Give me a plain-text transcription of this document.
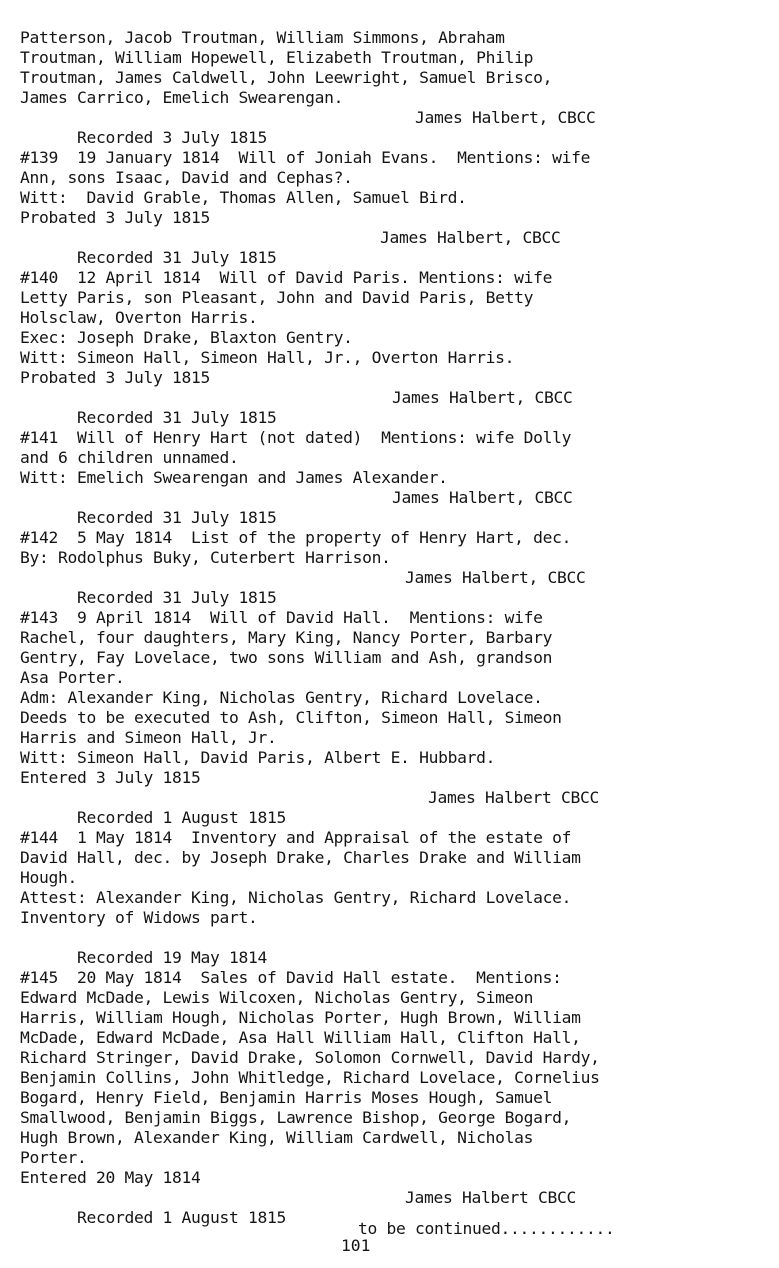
Patterson, Jacob Troutman, William Simmons, Abraham
Troutman, William Hopewell, Elizabeth Troutman, Philip
Troutman, James Caldwell, John Leewright, Samuel Brisco,
James Carrico, Emelich Swearengan.

Recorded 3 July 1815

James Halbert, CBCC

#139  19 January 1814  Will of Joniah Evans.  Mentions: wife
Ann, sons Isaac, David and Cephas?.
Witt:  David Grable, Thomas Allen, Samuel Bird.
Probated 3 July 1815

Recorded 31 July 1815

James Halbert, CBCC

#140  12 April 1814  Will of David Paris. Mentions: wife
Letty Paris, son Pleasant, John and David Paris, Betty
Holsclaw, Overton Harris.
Exec: Joseph Drake, Blaxton Gentry.
Witt: Simeon Hall, Simeon Hall, Jr., Overton Harris.
Probated 3 July 1815

Recorded 31 July 1815

James Halbert, CBCC

#141  Will of Henry Hart (not dated)  Mentions: wife Dolly
and 6 children unnamed.
Witt: Emelich Swearengan and James Alexander.

Recorded 31 July 1815

James Halbert, CBCC

#142  5 May 1814  List of the property of Henry Hart, dec.
By: Rodolphus Buky, Cuterbert Harrison.

Recorded 31 July 1815

James Halbert, CBCC

#143  9 April 1814  Will of David Hall.  Mentions: wife
Rachel, four daughters, Mary King, Nancy Porter, Barbary
Gentry, Fay Lovelace, two sons William and Ash, grandson
Asa Porter.
Adm: Alexander King, Nicholas Gentry, Richard Lovelace.
Deeds to be executed to Ash, Clifton, Simeon Hall, Simeon
Harris and Simeon Hall, Jr.
Witt: Simeon Hall, David Paris, Albert E. Hubbard.
Entered 3 July 1815

Recorded 1 August 1815

James Halbert CBCC

#144  1 May 1814  Inventory and Appraisal of the estate of
David Hall, dec. by Joseph Drake, Charles Drake and William
Hough.
Attest: Alexander King, Nicholas Gentry, Richard Lovelace.
Inventory of Widows part.

Recorded 19 May 1814

#145  20 May 1814  Sales of David Hall estate.  Mentions:
Edward McDade, Lewis Wilcoxen, Nicholas Gentry, Simeon
Harris, William Hough, Nicholas Porter, Hugh Brown, William
McDade, Edward McDade, Asa Hall William Hall, Clifton Hall,
Richard Stringer, David Drake, Solomon Cornwell, David Hardy,
Benjamin Collins, John Whitledge, Richard Lovelace, Cornelius
Bogard, Henry Field, Benjamin Harris Moses Hough, Samuel
Smallwood, Benjamin Biggs, Lawrence Bishop, George Bogard,
Hugh Brown, Alexander King, William Cardwell, Nicholas
Porter.
Entered 20 May 1814

Recorded 1 August 1815

James Halbert CBCC

to be continued............
101
